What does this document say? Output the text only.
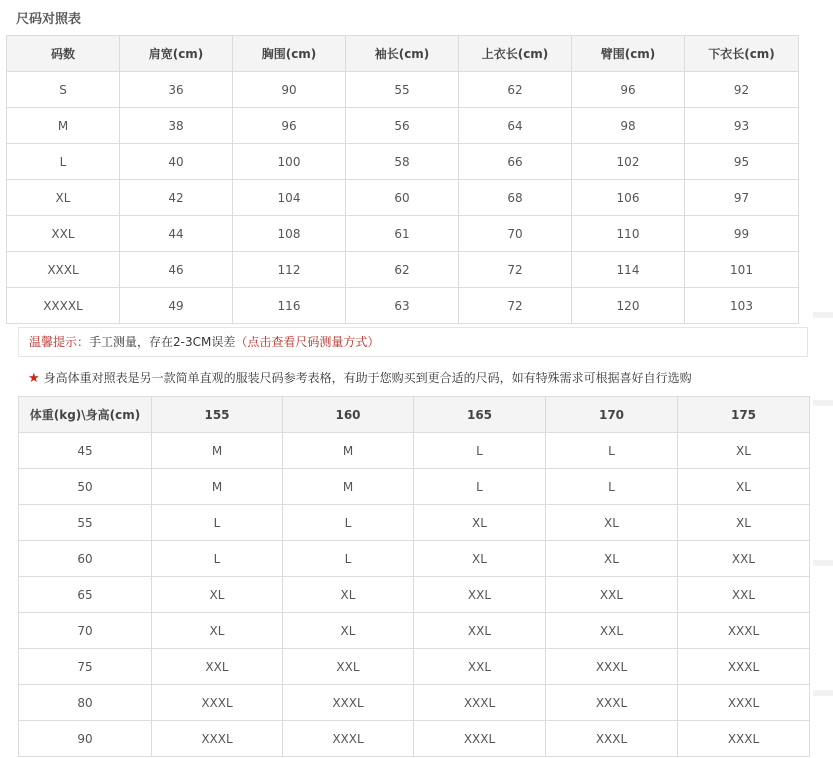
尺码对照表
码数	肩宽(cm)	胸围(cm)	袖长(cm)	上衣长(cm)	臂围(cm)	下衣长(cm)
S	36	90	55	62	96	92
M	38	96	56	64	98	93
L	40	100	58	66	102	95
XL	42	104	60	68	106	97
XXL	44	108	61	70	110	99
XXXL	46	112	62	72	114	101
XXXXL	49	116	63	72	120	103
温馨提示：手工测量，存在2-3CM误差（点击查看尺码测量方式）
★ 身高体重对照表是另一款简单直观的服装尺码参考表格，有助于您购买到更合适的尺码，如有特殊需求可根据喜好自行选购
体重(kg)\身高(cm)	155	160	165	170	175
45	M	M	L	L	XL
50	M	M	L	L	XL
55	L	L	XL	XL	XL
60	L	L	XL	XL	XXL
65	XL	XL	XXL	XXL	XXL
70	XL	XL	XXL	XXL	XXXL
75	XXL	XXL	XXL	XXXL	XXXL
80	XXXL	XXXL	XXXL	XXXL	XXXL
90	XXXL	XXXL	XXXL	XXXL	XXXL
